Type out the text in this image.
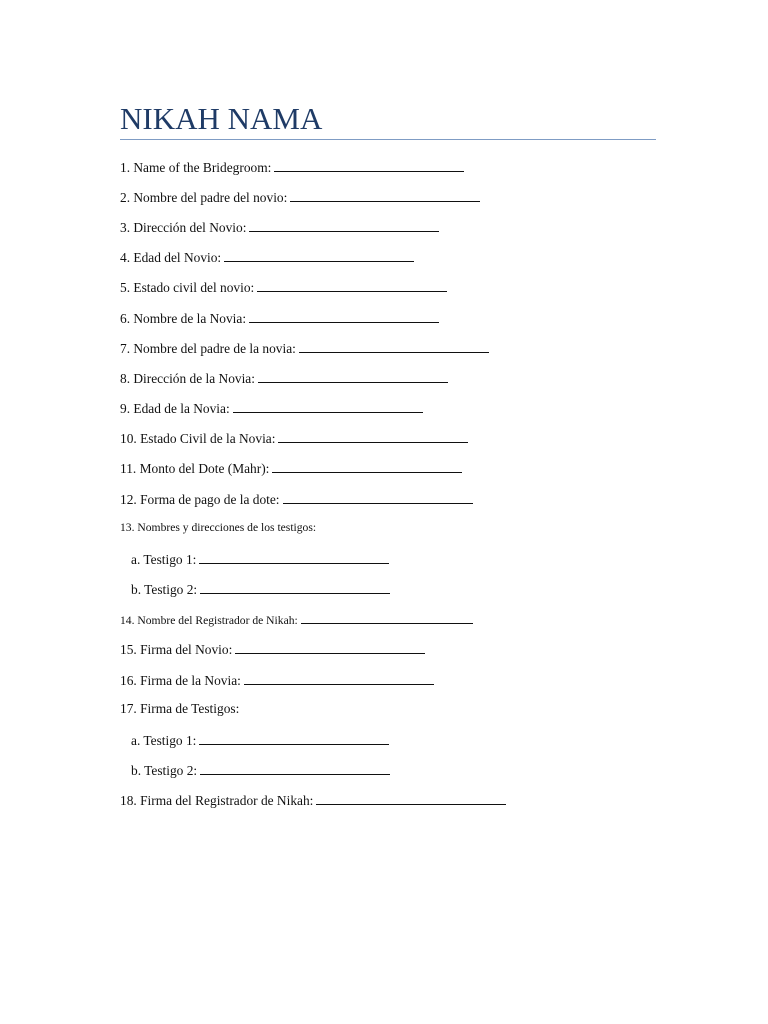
NIKAH NAMA
1. Name of the Bridegroom:
2. Nombre del padre del novio:
3. Dirección del Novio:
4. Edad del Novio:
5. Estado civil del novio:
6. Nombre de la Novia:
7. Nombre del padre de la novia:
8. Dirección de la Novia:
9. Edad de la Novia:
10. Estado Civil de la Novia:
11. Monto del Dote (Mahr):
12. Forma de pago de la dote:
13. Nombres y direcciones de los testigos:
a. Testigo 1:
b. Testigo 2:
14. Nombre del Registrador de Nikah:
15. Firma del Novio:
16. Firma de la Novia:
17. Firma de Testigos:
a. Testigo 1:
b. Testigo 2:
18. Firma del Registrador de Nikah:
